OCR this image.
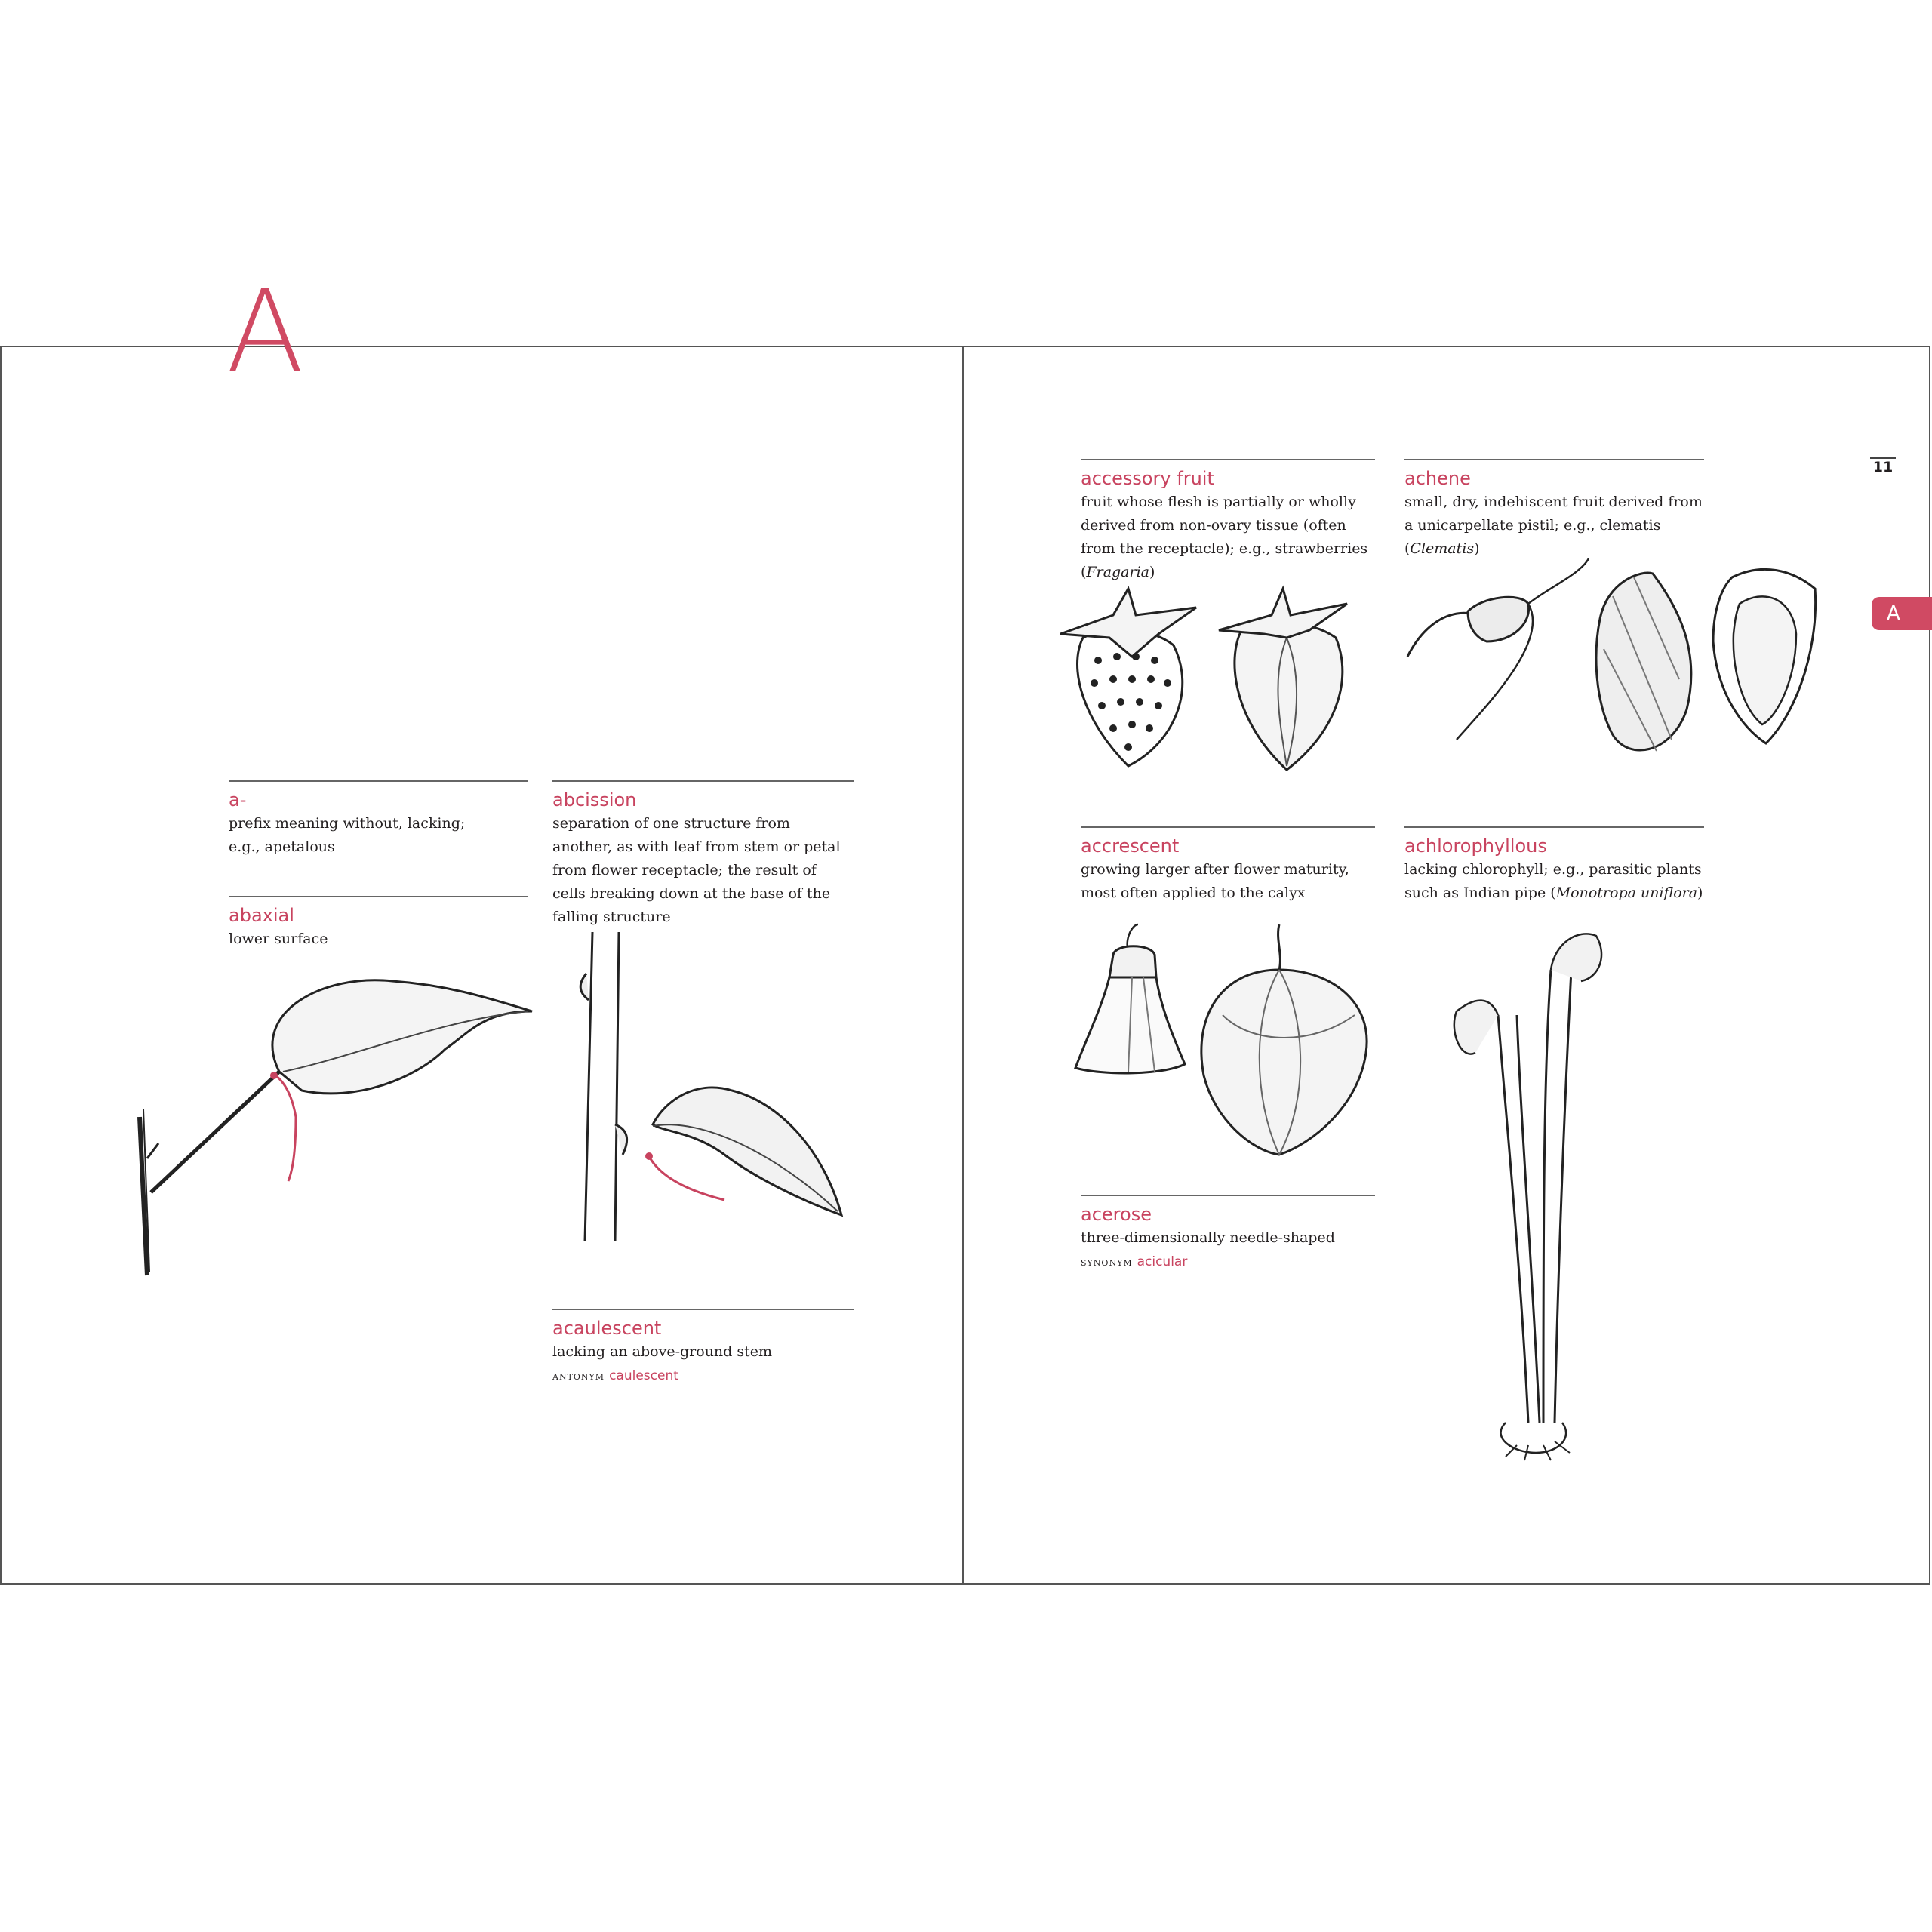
A
a-
prefix meaning without, lacking; e.g., apetalous
abaxial
lower surface
abcission
separation of one structure from another, as with leaf from stem or petal from flower receptacle; the result of cells breaking down at the base of the falling structure
acaulescent
lacking an above-ground stem
antonym caulescent
11
A
accessory fruit
fruit whose flesh is partially or wholly derived from non-ovary tissue (often from the receptacle); e.g., strawberries (Fragaria)
achene
small, dry, indehiscent fruit derived from a unicarpellate pistil; e.g., clematis (Clematis)
accrescent
growing larger after flower maturity, most often applied to the calyx
achlorophyllous
lacking chlorophyll; e.g., parasitic plants such as Indian pipe (Monotropa uniflora)
acerose
three-dimensionally needle-shaped
synonym acicular
